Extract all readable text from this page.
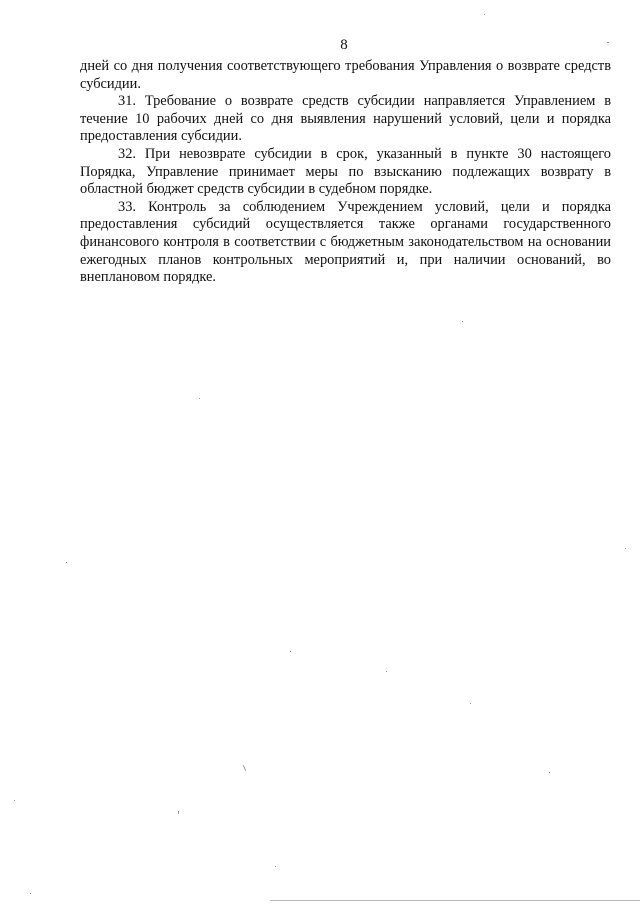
8

дней со дня получения соответствующего требования Управления о возврате средств субсидии.

31. Требование о возврате средств субсидии направляется Управлением в течение 10 рабочих дней со дня выявления нарушений условий, цели и порядка предоставления субсидии.

32. При невозврате субсидии в срок, указанный в пункте 30 настоящего Порядка, Управление принимает меры по взысканию подлежащих возврату в областной бюджет средств субсидии в судебном порядке.

33. Контроль за соблюдением Учреждением условий, цели и порядка предоставления субсидий осуществляется также органами государственного финансового контроля в соответствии с бюджетным законодательством на основании ежегодных планов контрольных мероприятий и, при наличии оснований, во внеплановом порядке.
